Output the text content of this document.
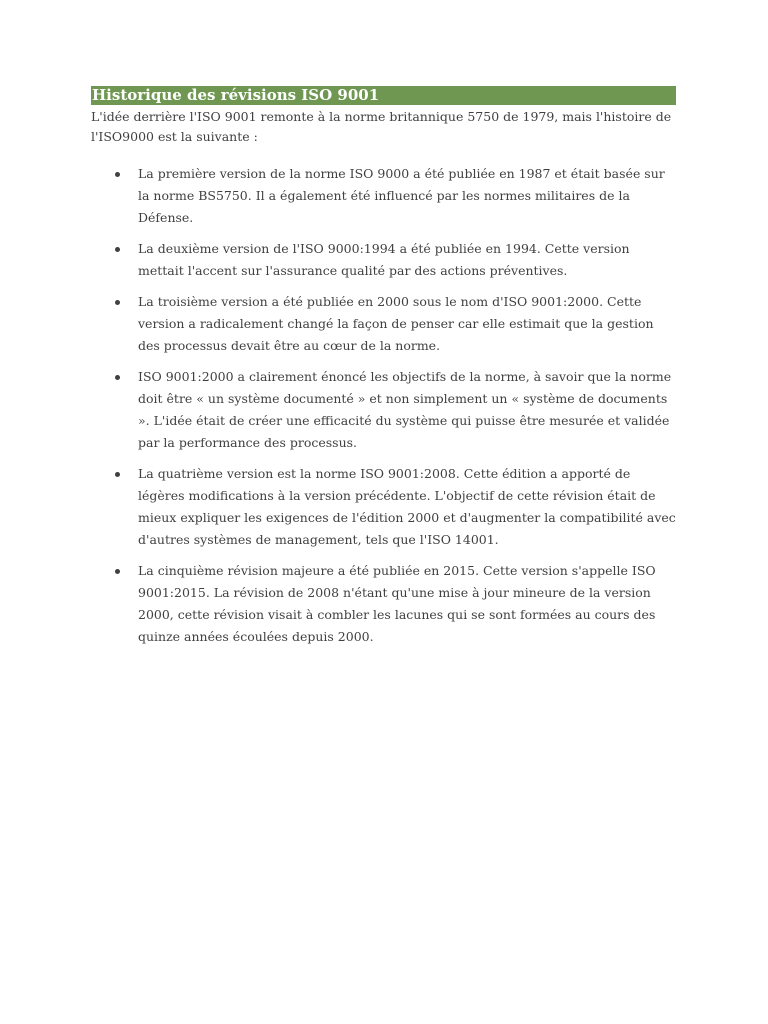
Historique des révisions ISO 9001

L'idée derrière l'ISO 9001 remonte à la norme britannique 5750 de 1979, mais l'histoire de l'ISO9000 est la suivante :

La première version de la norme ISO 9000 a été publiée en 1987 et était basée sur la norme BS5750. Il a également été influencé par les normes militaires de la Défense.
La deuxième version de l'ISO 9000:1994 a été publiée en 1994. Cette version mettait l'accent sur l'assurance qualité par des actions préventives.
La troisième version a été publiée en 2000 sous le nom d'ISO 9001:2000. Cette version a radicalement changé la façon de penser car elle estimait que la gestion des processus devait être au cœur de la norme.
ISO 9001:2000 a clairement énoncé les objectifs de la norme, à savoir que la norme doit être « un système documenté » et non simplement un « système de documents ». L'idée était de créer une efficacité du système qui puisse être mesurée et validée par la performance des processus.
La quatrième version est la norme ISO 9001:2008. Cette édition a apporté de légères modifications à la version précédente. L'objectif de cette révision était de mieux expliquer les exigences de l'édition 2000 et d'augmenter la compatibilité avec d'autres systèmes de management, tels que l'ISO 14001.
La cinquième révision majeure a été publiée en 2015. Cette version s'appelle ISO 9001:2015. La révision de 2008 n'étant qu'une mise à jour mineure de la version 2000, cette révision visait à combler les lacunes qui se sont formées au cours des quinze années écoulées depuis 2000.
